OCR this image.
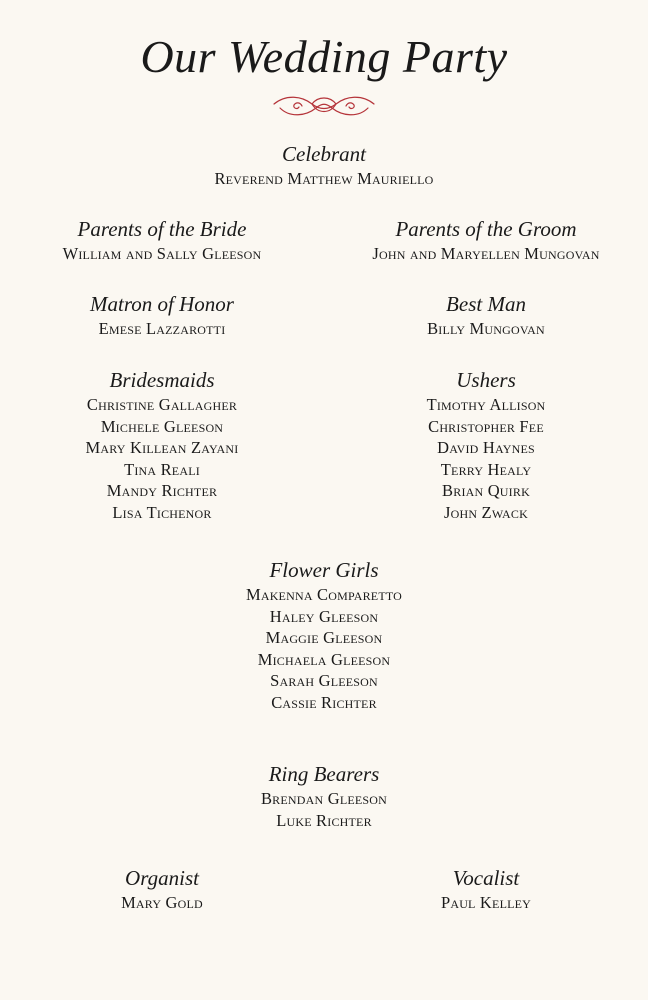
Our Wedding Party
Celebrant
Reverend Matthew Mauriello
Parents of the Bride
William and Sally Gleeson
Parents of the Groom
John and Maryellen Mungovan
Matron of Honor
Emese Lazzarotti
Best Man
Billy Mungovan
Bridesmaids
Christine Gallagher
Michele Gleeson
Mary Killean Zayani
Tina Reali
Mandy Richter
Lisa Tichenor
Ushers
Timothy Allison
Christopher Fee
David Haynes
Terry Healy
Brian Quirk
John Zwack
Flower Girls
Makenna Comparetto
Haley Gleeson
Maggie Gleeson
Michaela Gleeson
Sarah Gleeson
Cassie Richter
Ring Bearers
Brendan Gleeson
Luke Richter
Organist
Mary Gold
Vocalist
Paul Kelley
